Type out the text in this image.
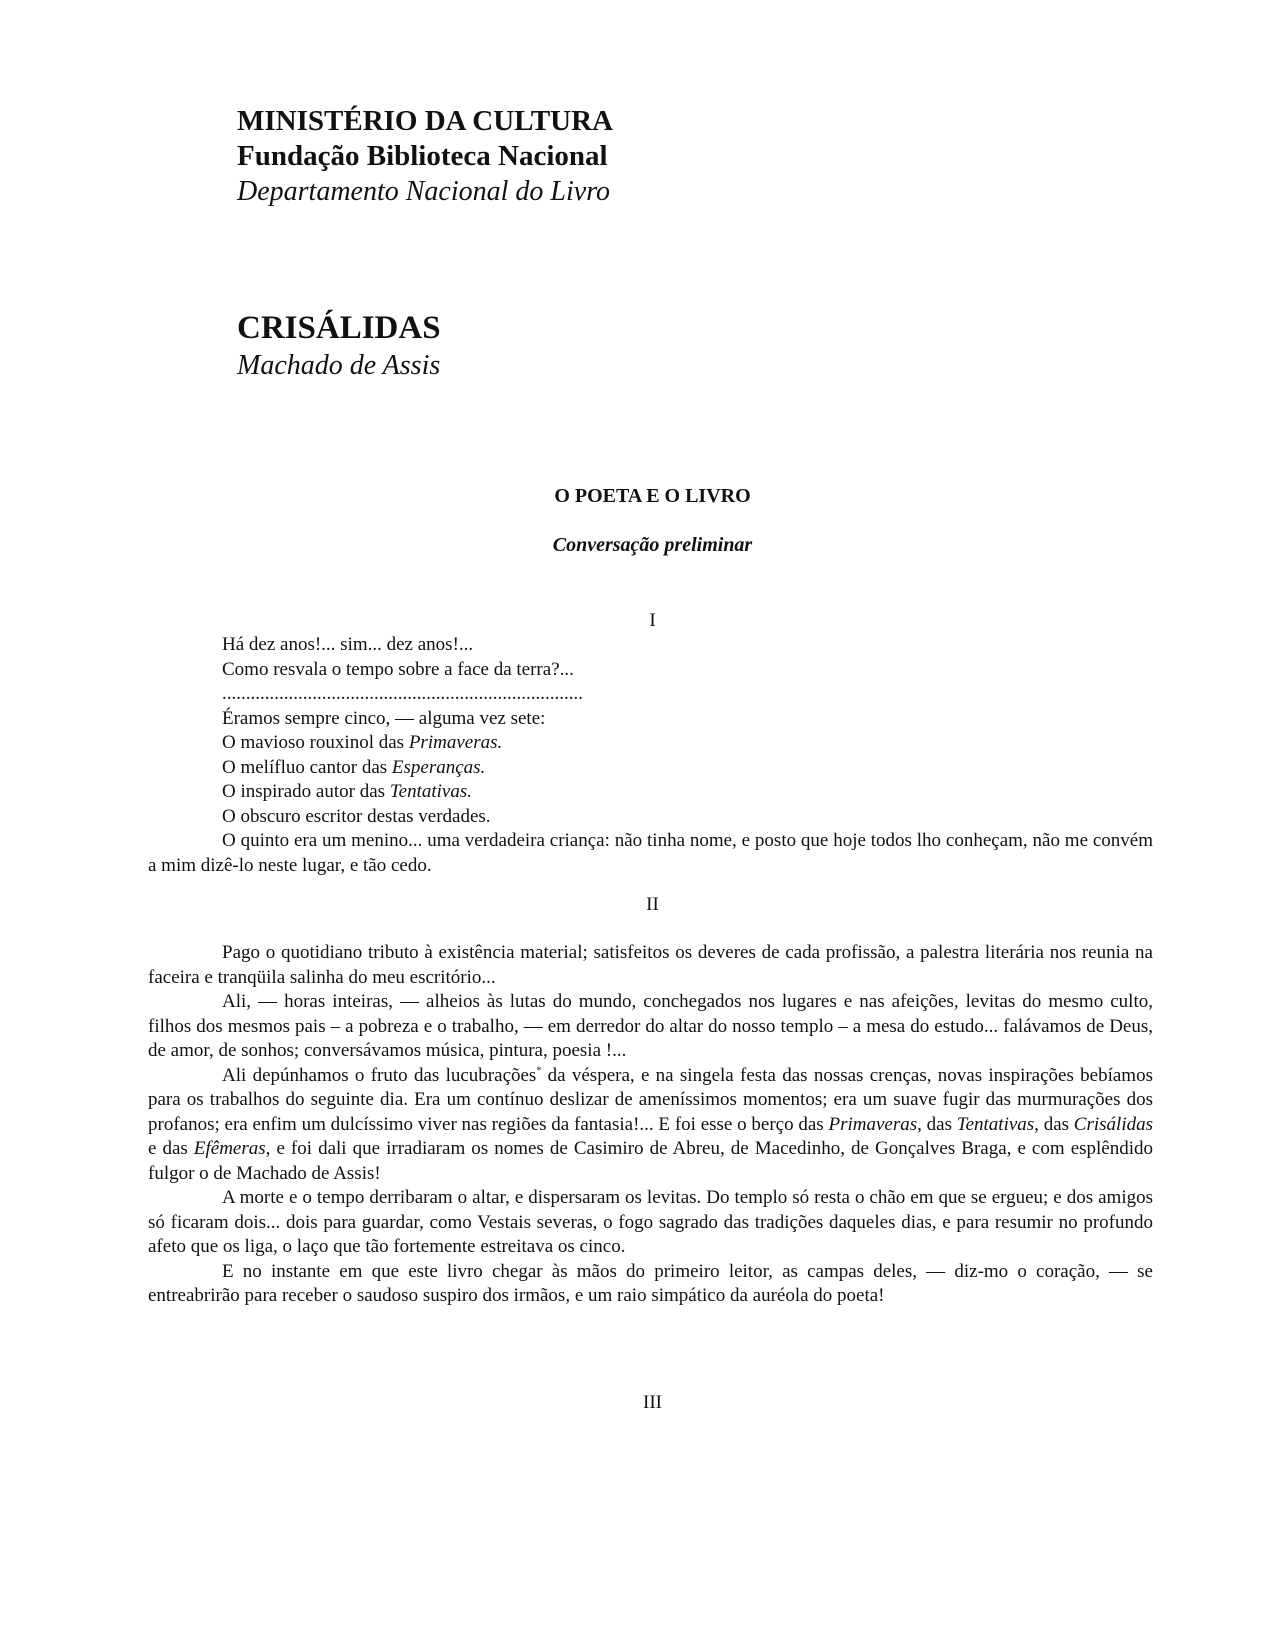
MINISTÉRIO DA CULTURA
Fundação Biblioteca Nacional
Departamento Nacional do Livro
CRISÁLIDAS
Machado de Assis
O POETA E O LIVRO
Conversação preliminar
I
Há dez anos!... sim... dez anos!...
Como resvala o tempo sobre a face da terra?...
............................................................................
Éramos sempre cinco, — alguma vez sete:
O mavioso rouxinol das Primaveras.
O melífluo cantor das Esperanças.
O inspirado autor das Tentativas.
O obscuro escritor destas verdades.
O quinto era um menino... uma verdadeira criança: não tinha nome, e posto que hoje todos lho conheçam, não me convém a mim dizê-lo neste lugar, e tão cedo.
II
Pago o quotidiano tributo à existência material; satisfeitos os deveres de cada profissão, a palestra literária nos reunia na faceira e tranqüila salinha do meu escritório...
Ali, — horas inteiras, — alheios às lutas do mundo, conchegados nos lugares e nas afeições, levitas do mesmo culto, filhos dos mesmos pais – a pobreza e o trabalho, — em derredor do altar do nosso templo – a mesa do estudo... falávamos de Deus, de amor, de sonhos; conversávamos música, pintura, poesia !...
Ali depúnhamos o fruto das lucubrações* da véspera, e na singela festa das nossas crenças, novas inspirações bebíamos para os trabalhos do seguinte dia. Era um contínuo deslizar de ameníssimos momentos; era um suave fugir das murmurações dos profanos; era enfim um dulcíssimo viver nas regiões da fantasia!... E foi esse o berço das Primaveras, das Tentativas, das Crisálidas e das Efêmeras, e foi dali que irradiaram os nomes de Casimiro de Abreu, de Macedinho, de Gonçalves Braga, e com esplêndido fulgor o de Machado de Assis!
A morte e o tempo derribaram o altar, e dispersaram os levitas. Do templo só resta o chão em que se ergueu; e dos amigos só ficaram dois... dois para guardar, como Vestais severas, o fogo sagrado das tradições daqueles dias, e para resumir no profundo afeto que os liga, o laço que tão fortemente estreitava os cinco.
E no instante em que este livro chegar às mãos do primeiro leitor, as campas deles, — diz-mo o coração, — se entreabrirão para receber o saudoso suspiro dos irmãos, e um raio simpático da auréola do poeta!
III
